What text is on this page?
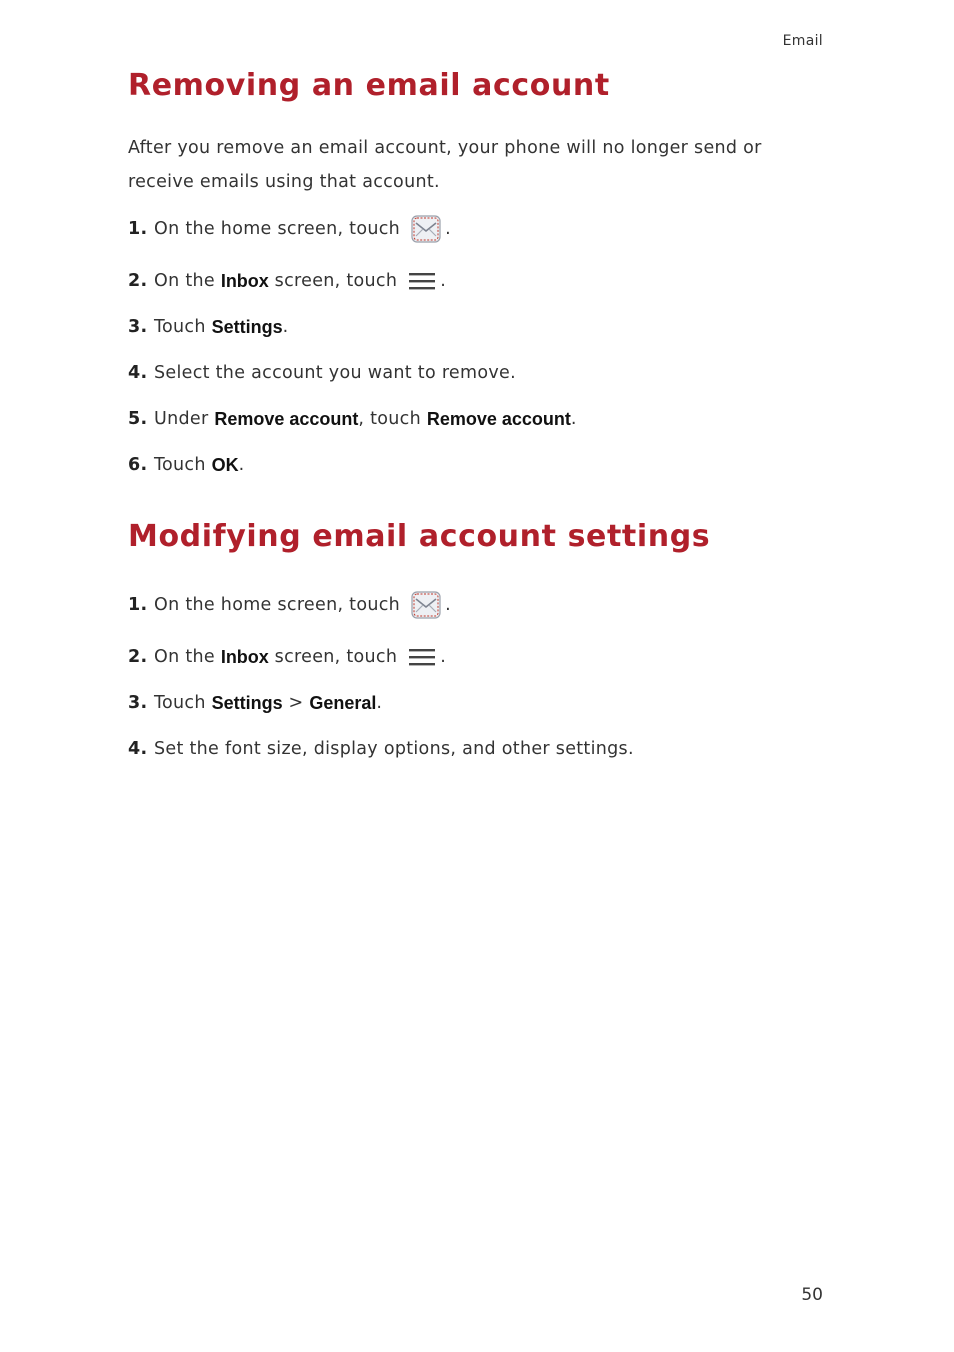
Email
Removing an email account

After you remove an email account, your phone will no longer send or receive emails using that account.

1. On the home screen, touch	.
2. On the Inbox screen, touch .
3. Touch Settings .
4. Select the account you want to remove.
5. Under Remove account , touch Remove account .
6. Touch OK .
Modifying email account settings
1. On the home screen, touch	.
2. On the Inbox screen, touch .
3. Touch Settings > General .
4. Set the font size, display options, and other settings.
50
